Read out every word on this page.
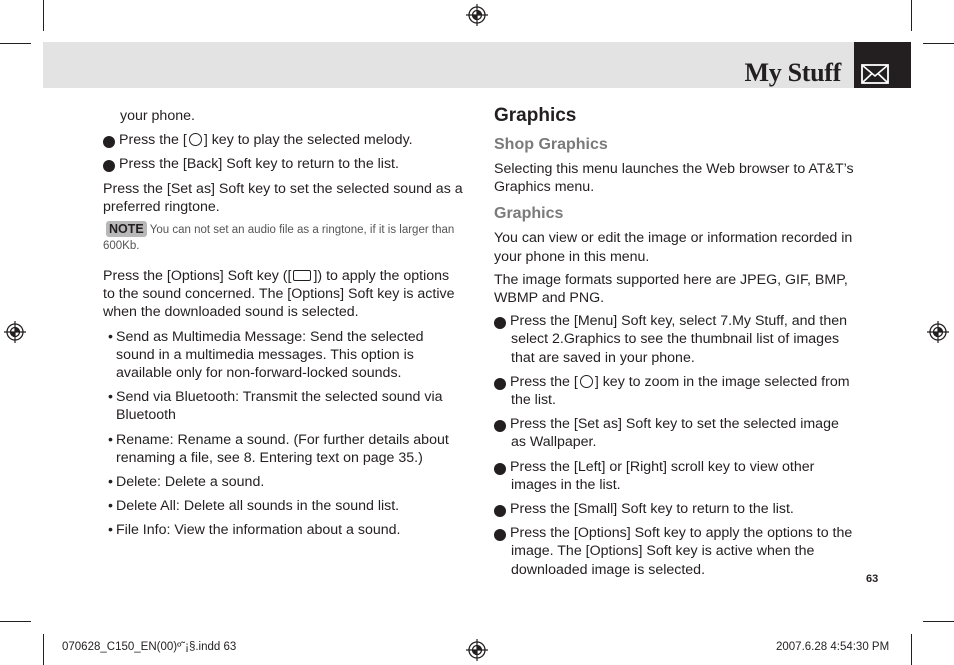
My Stuff

your phone.

2 Press the [ ] key to play the selected melody.

3 Press the [Back] Soft key to return to the list.

Press the [Set as] Soft key to set the selected sound as a preferred ringtone.

NOTE You can not set an audio file as a ringtone, if it is larger than 600Kb.

Press the [Options] Soft key ([ ]) to apply the options to the sound concerned. The [Options] Soft key is active when the downloaded sound is selected.

• Send as Multimedia Message: Send the selected sound in a multimedia messages. This option is available only for non-forward-locked sounds.

• Send via Bluetooth: Transmit the selected sound via Bluetooth

• Rename: Rename a sound. (For further details about renaming a file, see 8. Entering text on page 35.)

• Delete: Delete a sound.

• Delete All: Delete all sounds in the sound list.

• File Info: View the information about a sound.

Graphics

Shop Graphics

Selecting this menu launches the Web browser to AT&T’s Graphics menu.

Graphics

You can view or edit the image or information recorded in your phone in this menu.

The image formats supported here are JPEG, GIF, BMP, WBMP and PNG.

1 Press the [Menu] Soft key, select 7.My Stuff, and then select 2.Graphics to see the thumbnail list of images that are saved in your phone.

2 Press the [ ] key to zoom in the image selected from the list.

3 Press the [Set as] Soft key to set the selected image as Wallpaper.

4 Press the [Left] or [Right] scroll key to view other images in the list.

5 Press the [Small] Soft key to return to the list.

6 Press the [Options] Soft key to apply the options to the image. The [Options] Soft key is active when the downloaded image is selected.

63
070628_C150_EN(00)º˜¡§.indd 63	2007.6.28 4:54:30 PM
